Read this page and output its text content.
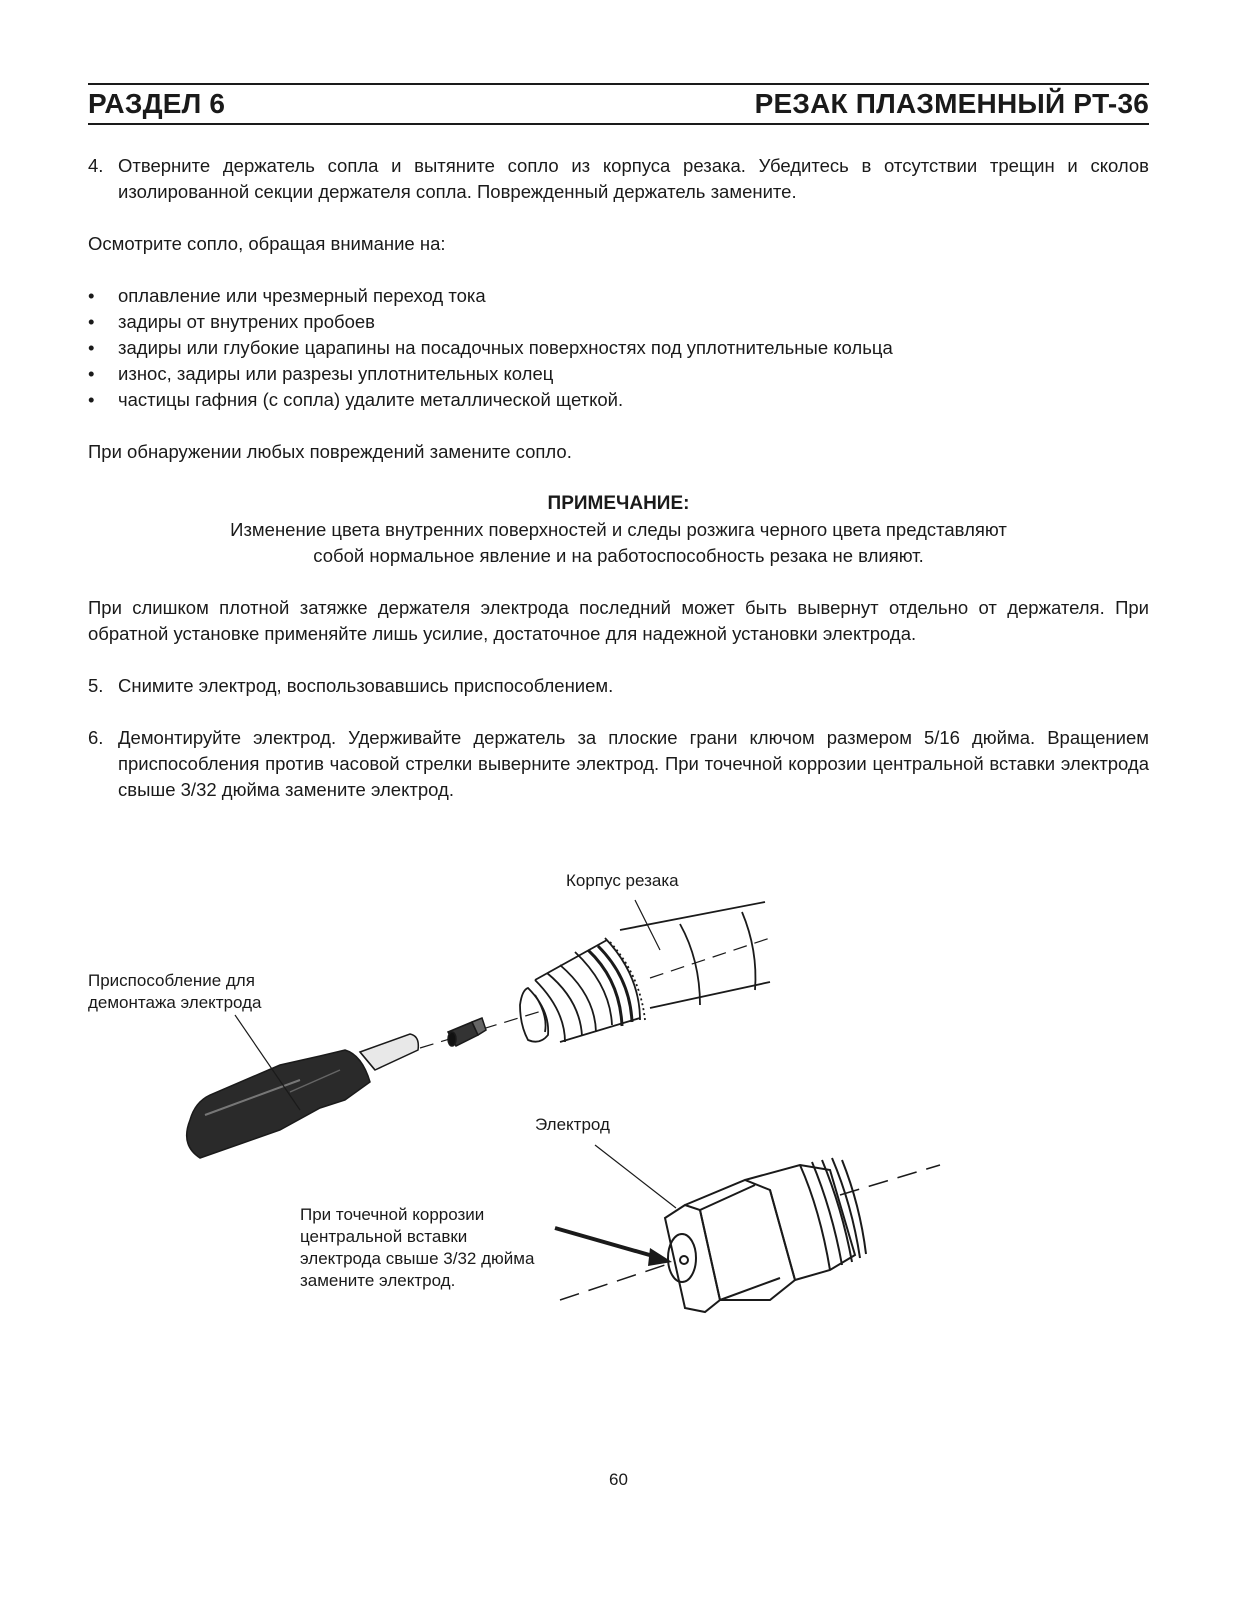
РАЗДЕЛ 6	РЕЗАК ПЛАЗМЕННЫЙ PT-36
4. Отверните держатель сопла и вытяните сопло из корпуса резака. Убедитесь в отсутствии трещин и сколов изолированной секции держателя сопла. Поврежденный держатель замените.
Осмотрите сопло, обращая внимание на:
•	оплавление или чрезмерный переход тока
•	задиры от внутрених пробоев
•	задиры или глубокие царапины на посадочных поверхностях под уплотнительные кольца
•	износ, задиры или разрезы уплотнительных колец
•	частицы гафния (с сопла) удалите металлической щеткой.
При обнаружении любых повреждений замените сопло.
ПРИМЕЧАНИЕ:
Изменение цвета внутренних поверхностей и следы розжига черного цвета представляют
собой нормальное явление и на работоспособность резака не влияют.
При слишком плотной затяжке держателя электрода последний может быть вывернут отдельно от держателя. При обратной установке применяйте лишь усилие, достаточное для надежной установки электрода.
5. Снимите электрод, воспользовавшись приспособлением.
6. Демонтируйте электрод. Удерживайте держатель за плоские грани ключом размером 5/16 дюйма. Вращением приспособления против часовой стрелки выверните электрод. При точечной коррозии центральной вставки электрода свыше 3/32 дюйма замените электрод.
Корпус резака
Приспособление для
демонтажа электрода
Электрод
При точечной коррозии
центральной вставки
электрода свыше 3/32 дюйма
замените электрод.
60
